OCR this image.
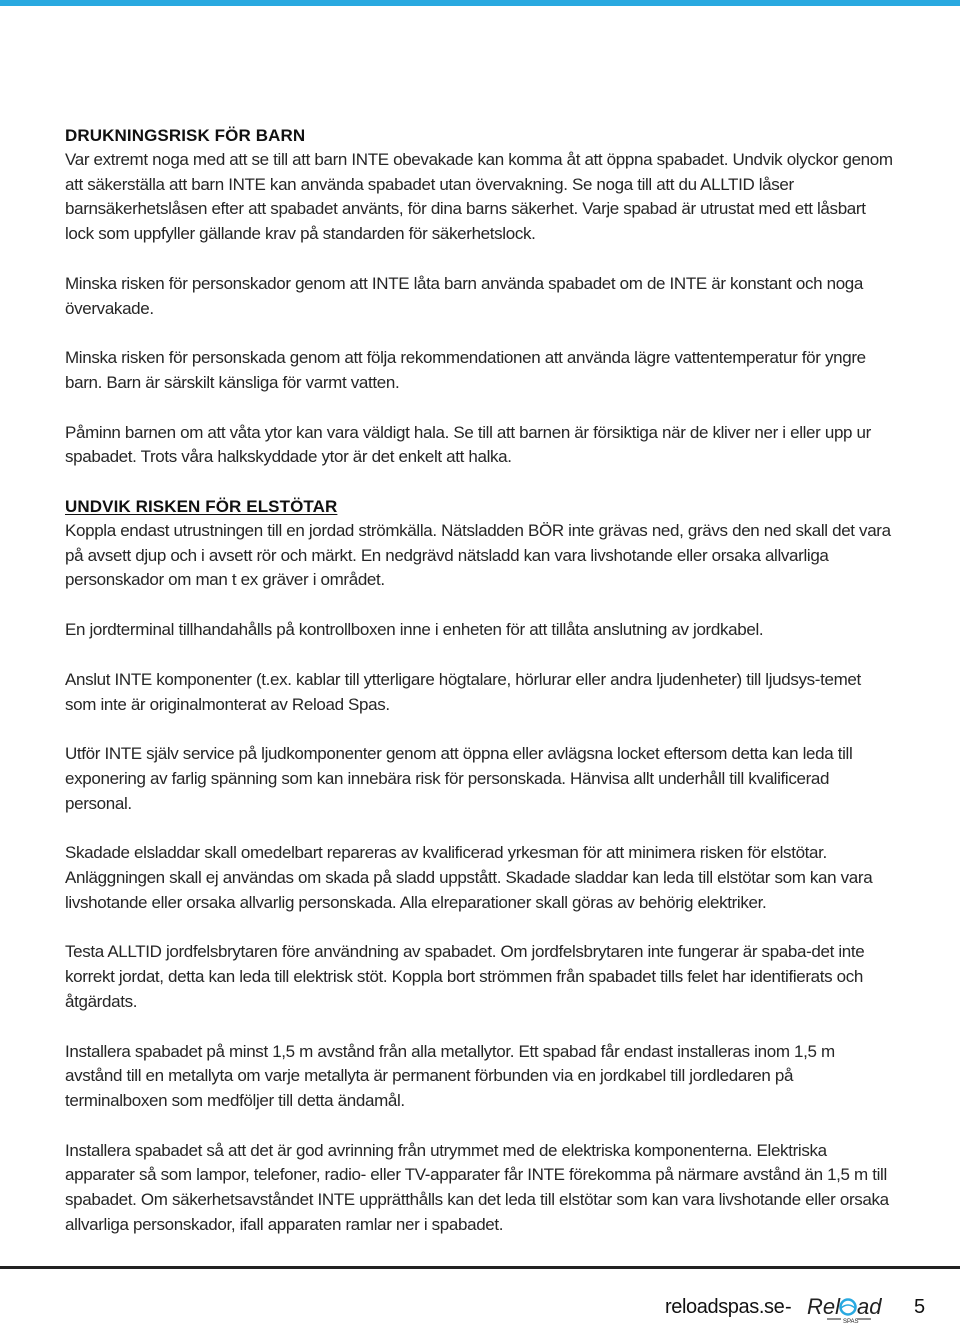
DRUKNINGSRISK FÖR BARN

Var extremt noga med att se till att barn INTE obevakade kan komma åt att öppna spabadet. Undvik olyckor genom att säkerställa att barn INTE kan använda spabadet utan övervakning. Se noga till att du ALLTID låser barnsäkerhetslåsen efter att spabadet använts, för dina barns säkerhet. Varje spabad är utrustat med ett låsbart lock som uppfyller gällande krav på standarden för säkerhetslock.

Minska risken för personskador genom att INTE låta barn använda spabadet om de INTE är konstant och noga övervakade.

Minska risken för personskada genom att följa rekommendationen att använda lägre vattentemperatur för yngre barn. Barn är särskilt känsliga för varmt vatten.

Påminn barnen om att våta ytor kan vara väldigt hala. Se till att barnen är försiktiga när de kliver ner i eller upp ur spabadet. Trots våra halkskyddade ytor är det enkelt att halka.

UNDVIK RISKEN FÖR ELSTÖTAR

Koppla endast utrustningen till en jordad strömkälla. Nätsladden BÖR inte grävas ned, grävs den ned skall det vara på avsett djup och i avsett rör och märkt. En nedgrävd nätsladd kan vara livshotande eller orsaka allvarliga personskador om man t ex gräver i området.

En jordterminal tillhandahålls på kontrollboxen inne i enheten för att tillåta anslutning av jordkabel.

Anslut INTE komponenter (t.ex. kablar till ytterligare högtalare, hörlurar eller andra ljudenheter) till ljudsys-temet som inte är originalmonterat av Reload Spas.

Utför INTE själv service på ljudkomponenter genom att öppna eller avlägsna locket eftersom detta kan leda till exponering av farlig spänning som kan innebära risk för personskada. Hänvisa allt underhåll till kvalificerad personal.

Skadade elsladdar skall omedelbart repareras av kvalificerad yrkesman för att minimera risken för elstötar. Anläggningen skall ej användas om skada på sladd uppstått. Skadade sladdar kan leda till elstötar som kan vara livshotande eller orsaka allvarlig personskada. Alla elreparationer skall göras av behörig elektriker.

Testa ALLTID jordfelsbrytaren före användning av spabadet. Om jordfelsbrytaren inte fungerar är spaba-det inte korrekt jordat, detta kan leda till elektrisk stöt. Koppla bort strömmen från spabadet tills felet har identifierats och åtgärdats.

Installera spabadet på minst 1,5 m avstånd från alla metallytor. Ett spabad får endast installeras inom 1,5 m avstånd till en metallyta om varje metallyta är permanent förbunden via en jordkabel till jordledaren på terminalboxen som medföljer till detta ändamål.

Installera spabadet så att det är god avrinning från utrymmet med de elektriska komponenterna. Elektriska apparater så som lampor, telefoner, radio- eller TV-apparater får INTE förekomma på närmare avstånd än 1,5 m till spabadet. Om säkerhetsavståndet INTE upprätthålls kan det leda till elstötar som kan vara livshotande eller orsaka allvarliga personskador, ifall apparaten ramlar ner i spabadet.

reloadspas.se - Rel ad
SPAS
5
